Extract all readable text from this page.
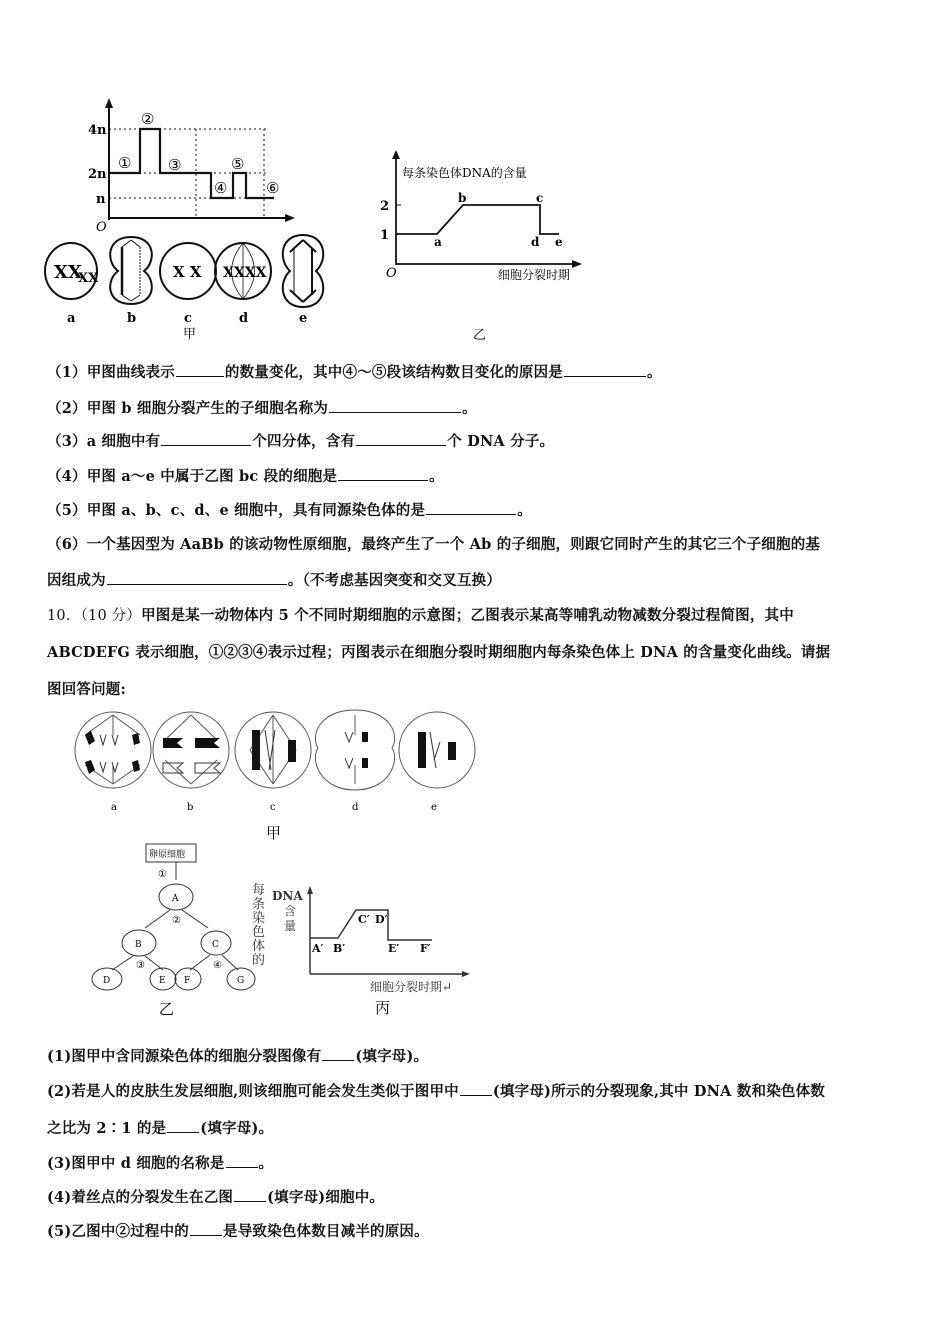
4n
2n
n
O
①
②
③
④
⑤
⑥
XX
XX	X X XXXX
a	b	c	d	e
甲
每条染色体DNA的含量
2
1	a
b	c
d e
O	细胞分裂时期
乙
（1）甲图曲线表示	的数量变化，其中④～⑤段该结构数目变化的原因是	。
（2）甲图 b 细胞分裂产生的子细胞名称为	。
（3）a 细胞中有	个四分体，含有	个 DNA 分子。
（4）甲图 a～e 中属于乙图 bc 段的细胞是	。
（5）甲图 a、b、c、d、e 细胞中，具有同源染色体的是	。
（6）一个基因型为 AaBb 的该动物性原细胞，最终产生了一个 Ab 的子细胞，则跟它同时产生的其它三个子细胞的基
因组成为	。（不考虑基因突变和交叉互换）
10．（10 分）甲图是某一动物体内 5 个不同时期细胞的示意图；乙图表示某高等哺乳动物减数分裂过程简图，其中
ABCDEFG 表示细胞，①②③④表示过程；丙图表示在细胞分裂时期细胞内每条染色体上 DNA 的含量变化曲线。请据
图回答问题:
a	b	c	d	e
甲
卵原细胞
①
A
②
B	C
③	④
D	E F	G
乙
每条染色体的
DNA
含
量
A′ B′
C′ D′
E′ F′
细胞分裂时期↵
丙
(1)图甲中含同源染色体的细胞分裂图像有 (填字母)。
(2)若是人的皮肤生发层细胞,则该细胞可能会发生类似于图甲中 (填字母)所示的分裂现象,其中 DNA 数和染色体数
之比为 2∶1 的是 (填字母)。
(3)图甲中 d 细胞的名称是 。
(4)着丝点的分裂发生在乙图 (填字母)细胞中。
(5)乙图中②过程中的 是导致染色体数目减半的原因。
